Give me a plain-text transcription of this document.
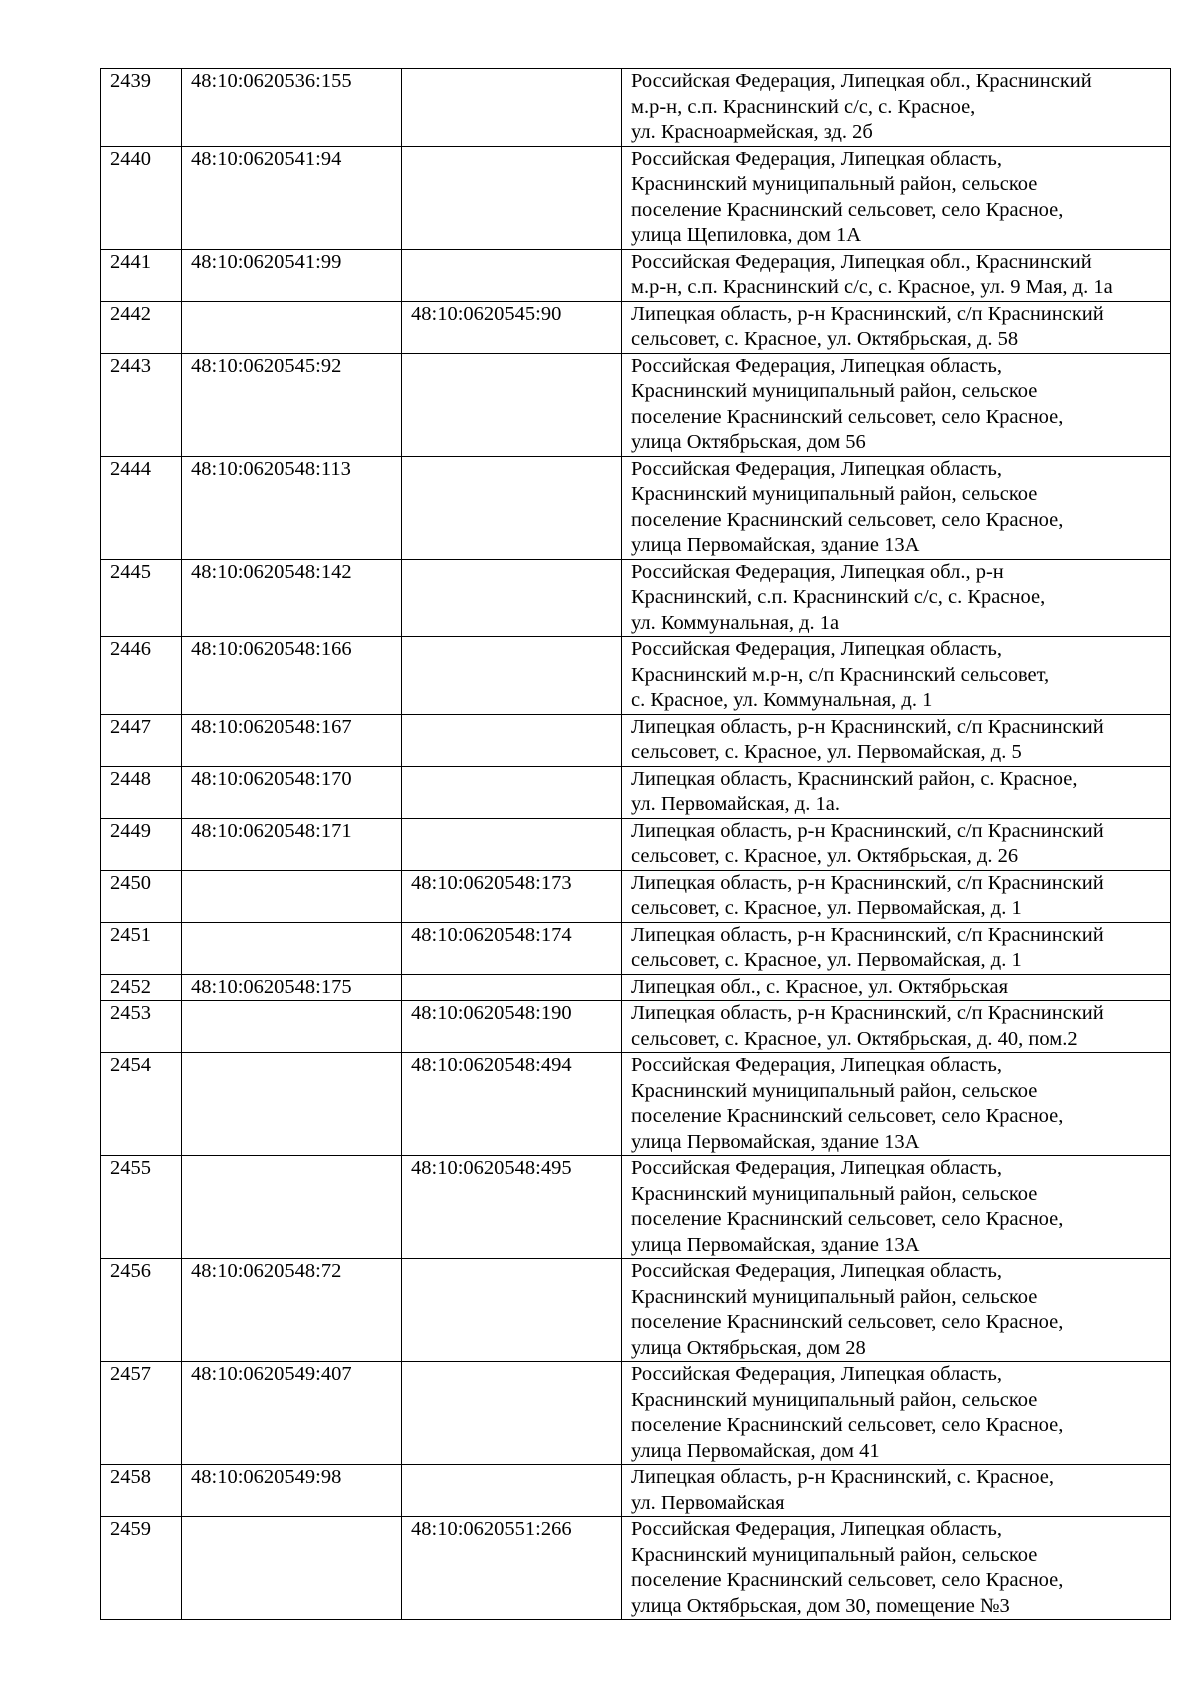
2439	48:10:0620536:155		Российская Федерация, Липецкая обл., Краснинский
м.р-н, с.п. Краснинский с/с, с. Красное,
ул. Красноармейская, зд. 2б
2440	48:10:0620541:94		Российская Федерация, Липецкая область,
Краснинский муниципальный район, сельское
поселение Краснинский сельсовет, село Красное,
улица Щепиловка, дом 1А
2441	48:10:0620541:99		Российская Федерация, Липецкая обл., Краснинский
м.р-н, с.п. Краснинский с/с, с. Красное, ул. 9 Мая, д. 1а
2442		48:10:0620545:90	Липецкая область, р-н Краснинский, с/п Краснинский
сельсовет, с. Красное, ул. Октябрьская, д. 58
2443	48:10:0620545:92		Российская Федерация, Липецкая область,
Краснинский муниципальный район, сельское
поселение Краснинский сельсовет, село Красное,
улица Октябрьская, дом 56
2444	48:10:0620548:113		Российская Федерация, Липецкая область,
Краснинский муниципальный район, сельское
поселение Краснинский сельсовет, село Красное,
улица Первомайская, здание 13А
2445	48:10:0620548:142		Российская Федерация, Липецкая обл., р-н
Краснинский, с.п. Краснинский с/с, с. Красное,
ул. Коммунальная, д. 1а
2446	48:10:0620548:166		Российская Федерация, Липецкая область,
Краснинский м.р-н, с/п Краснинский сельсовет,
с. Красное, ул. Коммунальная, д. 1
2447	48:10:0620548:167		Липецкая область, р-н Краснинский, с/п Краснинский
сельсовет, с. Красное, ул. Первомайская, д. 5
2448	48:10:0620548:170		Липецкая область, Краснинский район, с. Красное,
ул. Первомайская, д. 1а.
2449	48:10:0620548:171		Липецкая область, р-н Краснинский, с/п Краснинский
сельсовет, с. Красное, ул. Октябрьская, д. 26
2450		48:10:0620548:173	Липецкая область, р-н Краснинский, с/п Краснинский
сельсовет, с. Красное, ул. Первомайская, д. 1
2451		48:10:0620548:174	Липецкая область, р-н Краснинский, с/п Краснинский
сельсовет, с. Красное, ул. Первомайская, д. 1
2452	48:10:0620548:175		Липецкая обл., с. Красное, ул. Октябрьская
2453		48:10:0620548:190	Липецкая область, р-н Краснинский, с/п Краснинский
сельсовет, с. Красное, ул. Октябрьская, д. 40, пом.2
2454		48:10:0620548:494	Российская Федерация, Липецкая область,
Краснинский муниципальный район, сельское
поселение Краснинский сельсовет, село Красное,
улица Первомайская, здание 13А
2455		48:10:0620548:495	Российская Федерация, Липецкая область,
Краснинский муниципальный район, сельское
поселение Краснинский сельсовет, село Красное,
улица Первомайская, здание 13А
2456	48:10:0620548:72		Российская Федерация, Липецкая область,
Краснинский муниципальный район, сельское
поселение Краснинский сельсовет, село Красное,
улица Октябрьская, дом 28
2457	48:10:0620549:407		Российская Федерация, Липецкая область,
Краснинский муниципальный район, сельское
поселение Краснинский сельсовет, село Красное,
улица Первомайская, дом 41
2458	48:10:0620549:98		Липецкая область, р-н Краснинский, с. Красное,
ул. Первомайская
2459		48:10:0620551:266	Российская Федерация, Липецкая область,
Краснинский муниципальный район, сельское
поселение Краснинский сельсовет, село Красное,
улица Октябрьская, дом 30, помещение №3
